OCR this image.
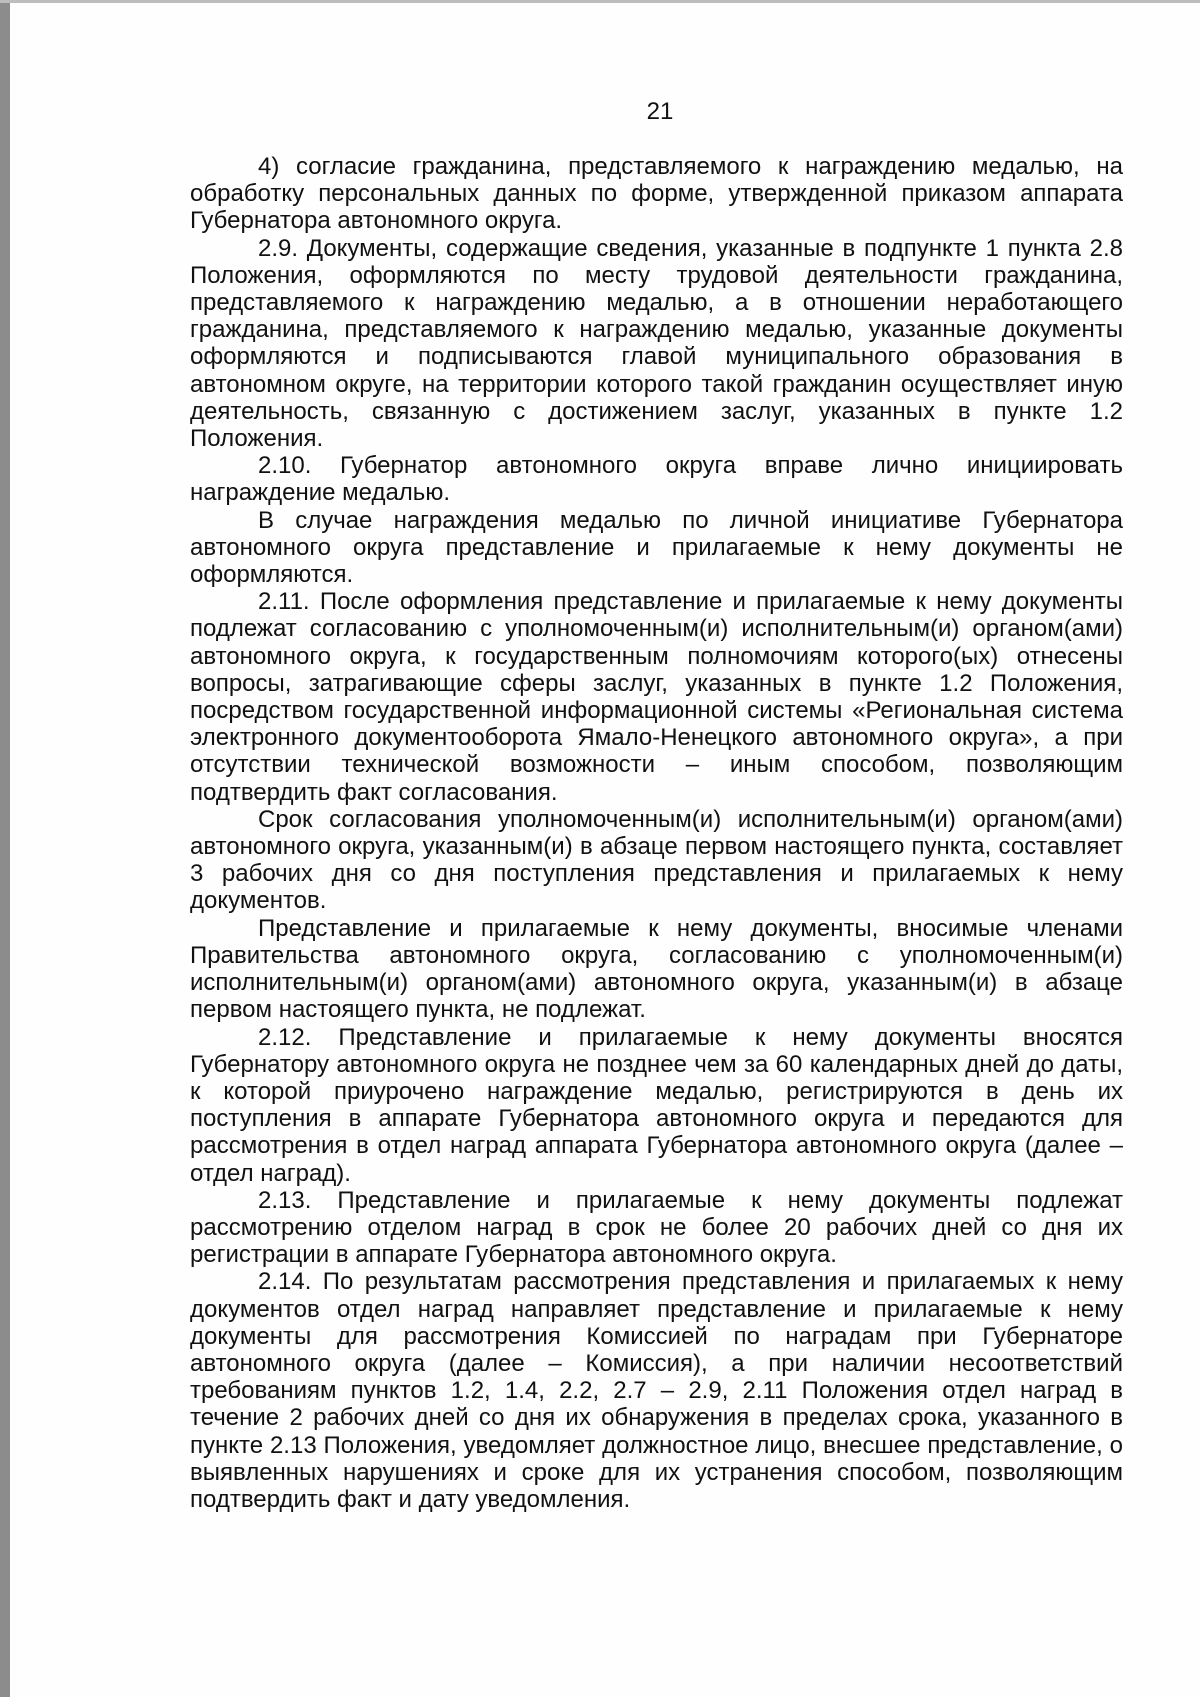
21

4) согласие гражданина, представляемого к награждению медалью, на обработку персональных данных по форме, утвержденной приказом аппарата Губернатора автономного округа.

2.9. Документы, содержащие сведения, указанные в подпункте 1 пункта 2.8 Положения, оформляются по месту трудовой деятельности гражданина, представляемого к награждению медалью, а в отношении неработающего гражданина, представляемого к награждению медалью, указанные документы оформляются и подписываются главой муниципального образования в автономном округе, на территории которого такой гражданин осуществляет иную деятельность, связанную с достижением заслуг, указанных в пункте 1.2 Положения.

2.10. Губернатор автономного округа вправе лично инициировать награждение медалью.

В случае награждения медалью по личной инициативе Губернатора автономного округа представление и прилагаемые к нему документы не оформляются.

2.11. После оформления представление и прилагаемые к нему документы подлежат согласованию с уполномоченным(и) исполнительным(и) органом(ами) автономного округа, к государственным полномочиям которого(ых) отнесены вопросы, затрагивающие сферы заслуг, указанных в пункте 1.2 Положения, посредством государственной информационной системы «Региональная система электронного документооборота Ямало-Ненецкого автономного округа», а при отсутствии технической возможности – иным способом, позволяющим подтвердить факт согласования.

Срок согласования уполномоченным(и) исполнительным(и) органом(ами) автономного округа, указанным(и) в абзаце первом настоящего пункта, составляет 3 рабочих дня со дня поступления представления и прилагаемых к нему документов.

Представление и прилагаемые к нему документы, вносимые членами Правительства автономного округа, согласованию с уполномоченным(и) исполнительным(и) органом(ами) автономного округа, указанным(и) в абзаце первом настоящего пункта, не подлежат.

2.12. Представление и прилагаемые к нему документы вносятся Губернатору автономного округа не позднее чем за 60 календарных дней до даты, к которой приурочено награждение медалью, регистрируются в день их поступления в аппарате Губернатора автономного округа и передаются для рассмотрения в отдел наград аппарата Губернатора автономного округа (далее – отдел наград).

2.13. Представление и прилагаемые к нему документы подлежат рассмотрению отделом наград в срок не более 20 рабочих дней со дня их регистрации в аппарате Губернатора автономного округа.

2.14. По результатам рассмотрения представления и прилагаемых к нему документов отдел наград направляет представление и прилагаемые к нему документы для рассмотрения Комиссией по наградам при Губернаторе автономного округа (далее – Комиссия), а при наличии несоответствий требованиям пунктов 1.2, 1.4, 2.2, 2.7 – 2.9, 2.11 Положения отдел наград в течение 2 рабочих дней со дня их обнаружения в пределах срока, указанного в пункте 2.13 Положения, уведомляет должностное лицо, внесшее представление, о выявленных нарушениях и сроке для их устранения способом, позволяющим подтвердить факт и дату уведомления.
